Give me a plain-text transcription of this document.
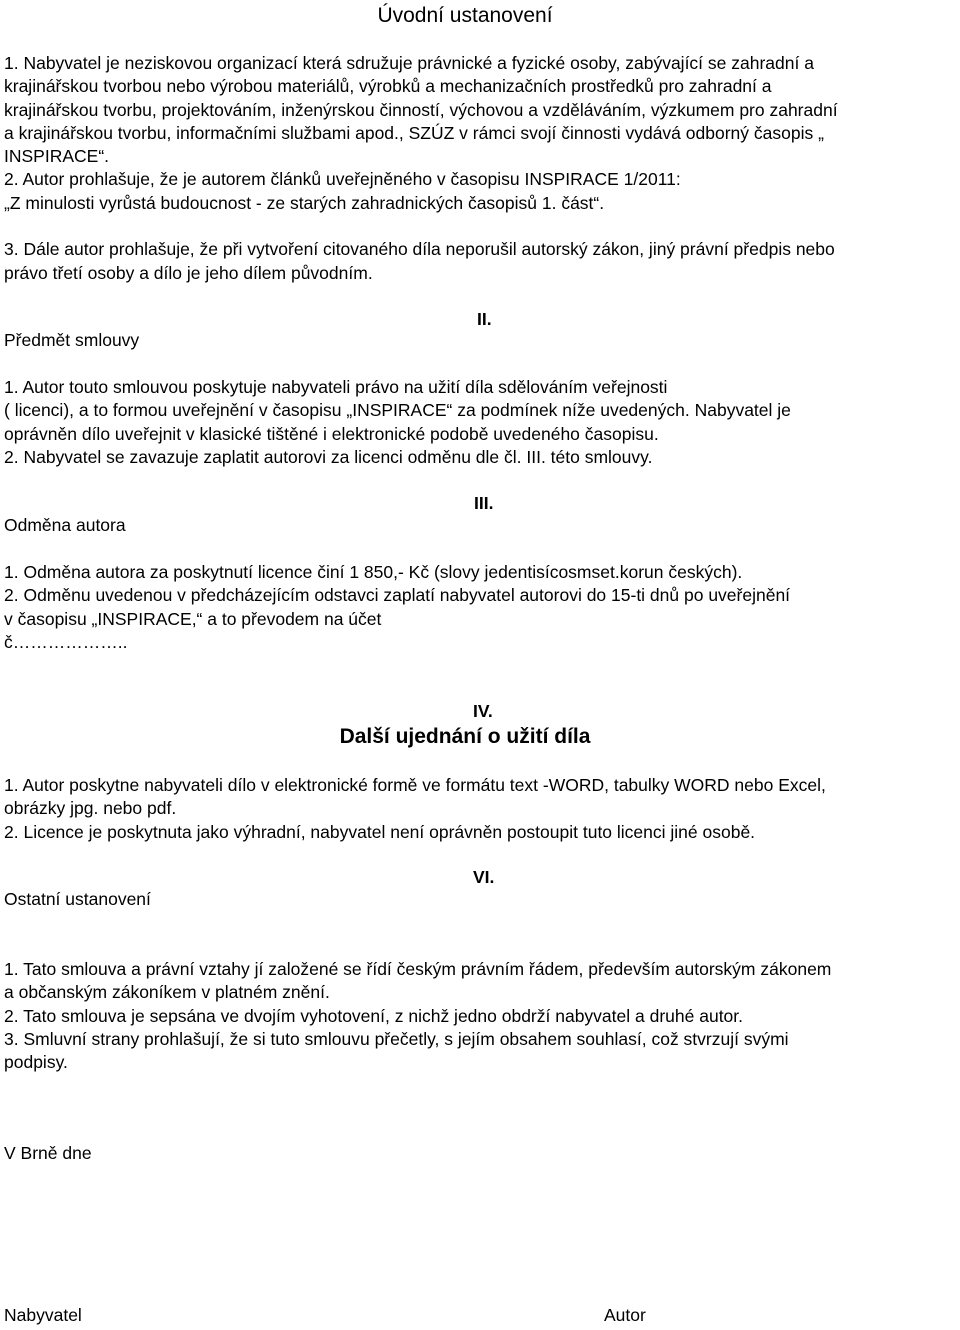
Úvodní ustanovení
1. Nabyvatel je neziskovou organizací která sdružuje právnické a fyzické osoby, zabývající se zahradní a
krajinářskou tvorbou nebo výrobou materiálů, výrobků a mechanizačních prostředků pro zahradní a
krajinářskou tvorbu, projektováním, inženýrskou činností, výchovou a vzděláváním, výzkumem pro zahradní
a krajinářskou tvorbu, informačními službami apod., SZÚZ v rámci svojí činnosti vydává odborný časopis „
INSPIRACE“.
2. Autor prohlašuje, že je autorem článků uveřejněného v časopisu INSPIRACE 1/2011:
„Z minulosti vyrůstá budoucnost - ze starých zahradnických časopisů 1. část“.
3. Dále autor prohlašuje, že při vytvoření citovaného díla neporušil autorský zákon, jiný právní předpis nebo
právo třetí osoby a dílo je jeho dílem původním.
II.
Předmět smlouvy
1. Autor touto smlouvou poskytuje nabyvateli právo na užití díla sdělováním veřejnosti
( licenci), a to formou uveřejnění v časopisu „INSPIRACE“ za podmínek níže uvedených. Nabyvatel je
oprávněn dílo uveřejnit v klasické tištěné i elektronické podobě uvedeného časopisu.
2. Nabyvatel se zavazuje zaplatit autorovi za licenci odměnu dle čl. III. této smlouvy.
III.
Odměna autora
1. Odměna autora za poskytnutí licence činí 1 850,- Kč (slovy jedentisícosmset.korun českých).
2. Odměnu uvedenou v předcházejícím odstavci zaplatí nabyvatel autorovi do 15-ti dnů po uveřejnění
v časopisu „INSPIRACE,“ a to převodem na účet
č………………..
IV.
Další ujednání o užití díla
1. Autor poskytne nabyvateli dílo v elektronické formě ve formátu text -WORD, tabulky WORD nebo Excel,
obrázky jpg. nebo pdf.
2. Licence je poskytnuta jako výhradní, nabyvatel není oprávněn postoupit tuto licenci jiné osobě.
VI.
Ostatní ustanovení
1. Tato smlouva a právní vztahy jí založené se řídí českým právním řádem, především autorským zákonem
a občanským zákoníkem v platném znění.
2. Tato smlouva je sepsána ve dvojím vyhotovení, z nichž jedno obdrží nabyvatel a druhé autor.
3. Smluvní strany prohlašují, že si tuto smlouvu přečetly, s jejím obsahem souhlasí, což stvrzují svými
podpisy.
V Brně dne
Nabyvatel	Autor
